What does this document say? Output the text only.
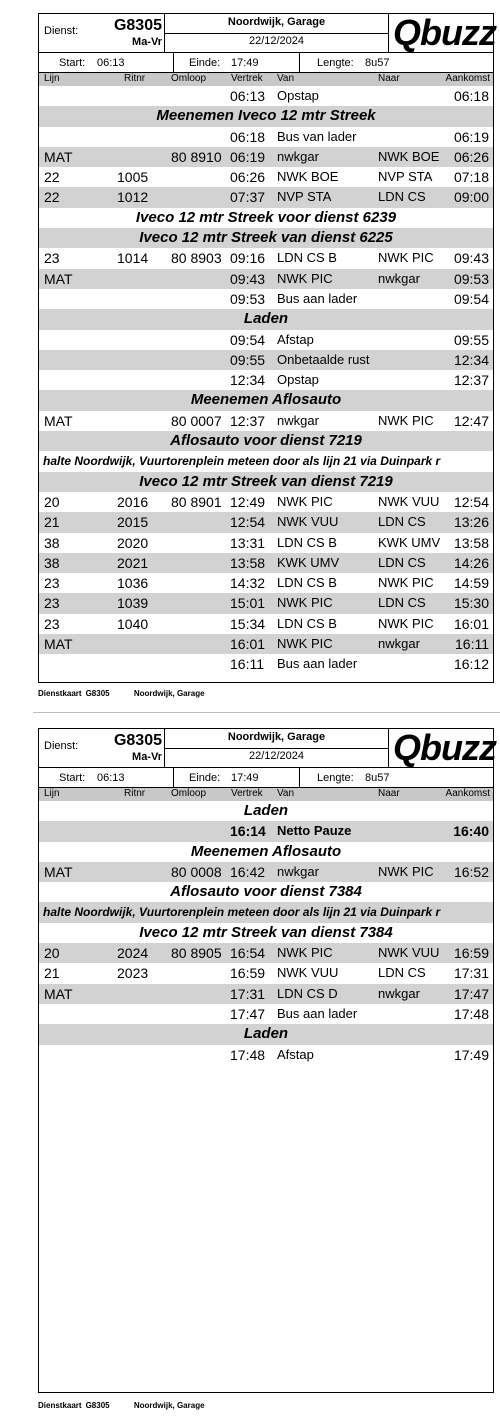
Dienst: G8305
Ma-Vr
Noordwijk, Garage
22/12/2024	Qbuzz
Start: 06:13	Einde: 17:49	Lengte: 8u57
Lijn	Ritnr	Omloop Vertrek Van	Naar	Aankomst
06:13 Opstap	06:18
Meenemen Iveco 12 mtr Streek
06:18 Bus van lader	06:19
MAT	80 8910 06:19 nwkgar	NWK BOE 06:26
22	1005	06:26 NWK BOE	NVP STA 07:18
22	1012	07:37 NVP STA	LDN CS 09:00
Iveco 12 mtr Streek voor dienst 6239
Iveco 12 mtr Streek van dienst 6225
23	1014 80 8903 09:16 LDN CS B	NWK PIC 09:43
MAT	09:43 NWK PIC	nwkgar 09:53
09:53 Bus aan lader	09:54
Laden
09:54 Afstap	09:55
09:55 Onbetaalde rust	12:34
12:34 Opstap	12:37
Meenemen Aflosauto
MAT	80 0007 12:37 nwkgar	NWK PIC 12:47
Aflosauto voor dienst 7219
halte Noordwijk, Vuurtorenplein meteen door als lijn 21 via Duinpark r
Iveco 12 mtr Streek van dienst 7219
20	2016 80 8901 12:49 NWK PIC	NWK VUU 12:54
21	2015	12:54 NWK VUU	LDN CS 13:26
38	2020	13:31 LDN CS B	KWK UMV 13:58
38	2021	13:58 KWK UMV	LDN CS 14:26
23	1036	14:32 LDN CS B	NWK PIC 14:59
23	1039	15:01 NWK PIC	LDN CS 15:30
23	1040	15:34 LDN CS B	NWK PIC 16:01
MAT	16:01 NWK PIC	nwkgar	16:11
16:11 Bus aan lader	16:12
Dienstkaart G8305	Noordwijk, Garage
Dienst: G8305
Ma-Vr
Noordwijk, Garage
22/12/2024	Qbuzz
Start: 06:13	Einde: 17:49	Lengte: 8u57
Lijn	Ritnr	Omloop Vertrek Van	Naar	Aankomst
Laden
16:14 Netto Pauze	16:40
Meenemen Aflosauto
MAT	80 0008 16:42 nwkgar	NWK PIC 16:52
Aflosauto voor dienst 7384
halte Noordwijk, Vuurtorenplein meteen door als lijn 21 via Duinpark r
Iveco 12 mtr Streek van dienst 7384
20	2024 80 8905 16:54 NWK PIC	NWK VUU 16:59
21	2023	16:59 NWK VUU	LDN CS 17:31
MAT	17:31 LDN CS D	nwkgar 17:47
17:47 Bus aan lader	17:48
Laden
17:48 Afstap	17:49
Dienstkaart G8305	Noordwijk, Garage
